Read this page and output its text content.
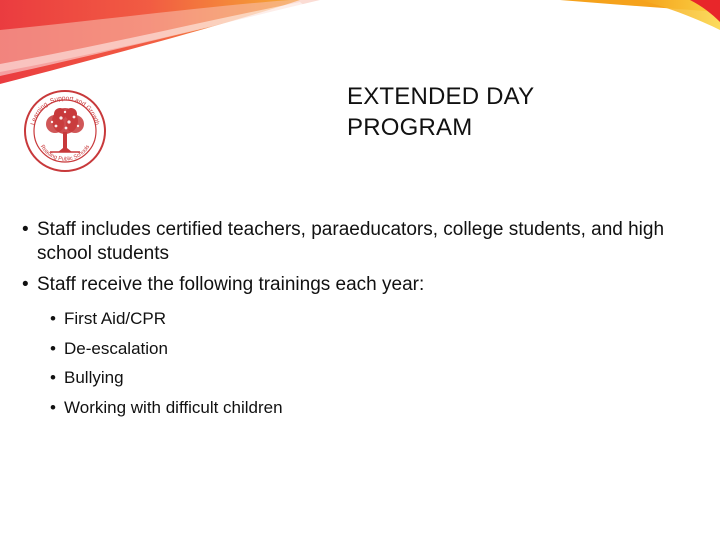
Learning, Support and Growth
Reading Public Schools
EXTENDED DAY
PROGRAM
• Staff includes certified teachers, paraeducators, college students, and high school students
• Staff receive the following trainings each year:
• First Aid/CPR
• De-escalation
• Bullying
• Working with difficult children
